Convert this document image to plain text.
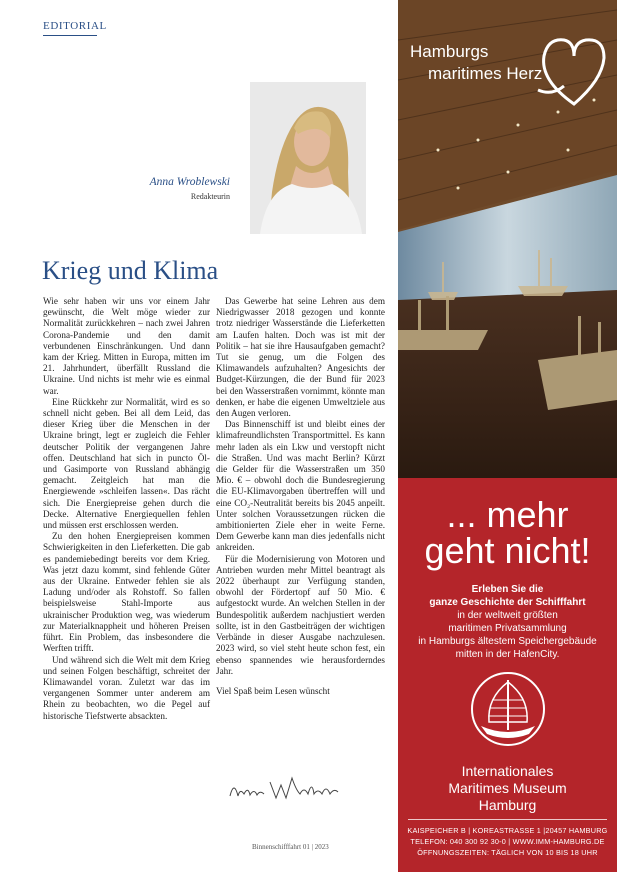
EDITORIAL
Anna Wroblewski
Redakteurin
Krieg und Klima

Wie sehr haben wir uns vor einem Jahr gewünscht, die Welt möge wieder zur Normalität zurückkehren – nach zwei Jahren Corona-Pandemie und den damit verbundenen Einschränkungen. Und dann kam der Krieg. Mitten in Europa, mitten im 21. Jahrhundert, überfällt Russland die Ukraine. Und nichts ist mehr wie es einmal war.

Eine Rückkehr zur Normalität, wird es so schnell nicht geben. Bei all dem Leid, das dieser Krieg über die Menschen in der Ukraine bringt, legt er zugleich die Fehler deutscher Politik der vergangenen Jahre offen. Deutschland hat sich in puncto Öl- und Gasimporte von Russland abhängig gemacht. Zeitgleich hat man die Energiewende »schleifen lassen«. Das rächt sich. Die Energiepreise gehen durch die Decke. Alternative Energiequellen fehlen und müssen erst erschlossen werden.

Zu den hohen Energiepreisen kommen Schwierigkeiten in den Lieferketten. Die gab es pandemiebedingt bereits vor dem Krieg. Was jetzt dazu kommt, sind fehlende Güter aus der Ukraine. Entweder fehlen sie als Ladung und/oder als Rohstoff. So fallen beispielsweise Stahl-Importe aus ukrainischer Produktion weg, was wiederum zur Materialknappheit und höheren Preisen führt. Ein Problem, das insbesondere die Werften trifft.

Und während sich die Welt mit dem Krieg und seinen Folgen beschäftigt, schreitet der Klimawandel voran. Zuletzt war das im vergangenen Sommer unter anderem am Rhein zu beobachten, wo die Pegel auf historische Tiefstwerte absackten.

Das Gewerbe hat seine Lehren aus dem Niedrigwasser 2018 gezogen und konnte trotz niedriger Wasserstände die Lieferketten am Laufen halten. Doch was ist mit der Politik – hat sie ihre Hausaufgaben gemacht? Tut sie genug, um die Folgen des Klimawandels aufzuhalten? Angesichts der Budget-Kürzungen, die der Bund für 2023 bei den Wasserstraßen vornimmt, könnte man denken, er habe die eigenen Umweltziele aus den Augen verloren.

Das Binnenschiff ist und bleibt eines der klimafreundlichsten Transportmittel. Es kann mehr laden als ein Lkw und verstopft nicht die Straßen. Und was macht Berlin? Kürzt die Gelder für die Wasserstraßen um 350 Mio. € – obwohl doch die Bundesregierung die EU-Klimavorgaben übertreffen will und eine CO₂-Neutralität bereits bis 2045 anpeilt. Unter solchen Voraussetzungen rücken die ambitionierten Ziele eher in weite Ferne. Dem Gewerbe kann man dies jedenfalls nicht ankreiden.

Für die Modernisierung von Motoren und Antrieben wurden mehr Mittel beantragt als 2022 überhaupt zur Verfügung standen, obwohl der Fördertopf auf 50 Mio. € aufgestockt wurde. An welchen Stellen in der Bundespolitik außerdem nachjustiert werden sollte, ist in den Gastbeiträgen der wichtigen Verbände in dieser Ausgabe nachzulesen. 2023 wird, so viel steht heute schon fest, ein ebenso spannendes wie herausforderndes Jahr.

Viel Spaß beim Lesen wünscht

Binnenschifffahrt 01 | 2023
Hamburgs
maritimes Herz
... mehr
geht nicht!
Erleben Sie die
ganze Geschichte der Schifffahrt
in der weltweit größten
maritimen Privatsammlung
in Hamburgs ältestem Speichergebäude
mitten in der HafenCity.
Internationales
Maritimes Museum
Hamburg
KAISPEICHER B | KOREASTRASSE 1 |20457 HAMBURG
TELEFON: 040 300 92 30-0 | WWW.IMM-HAMBURG.DE
ÖFFNUNGSZEITEN: TÄGLICH VON 10 BIS 18 UHR
